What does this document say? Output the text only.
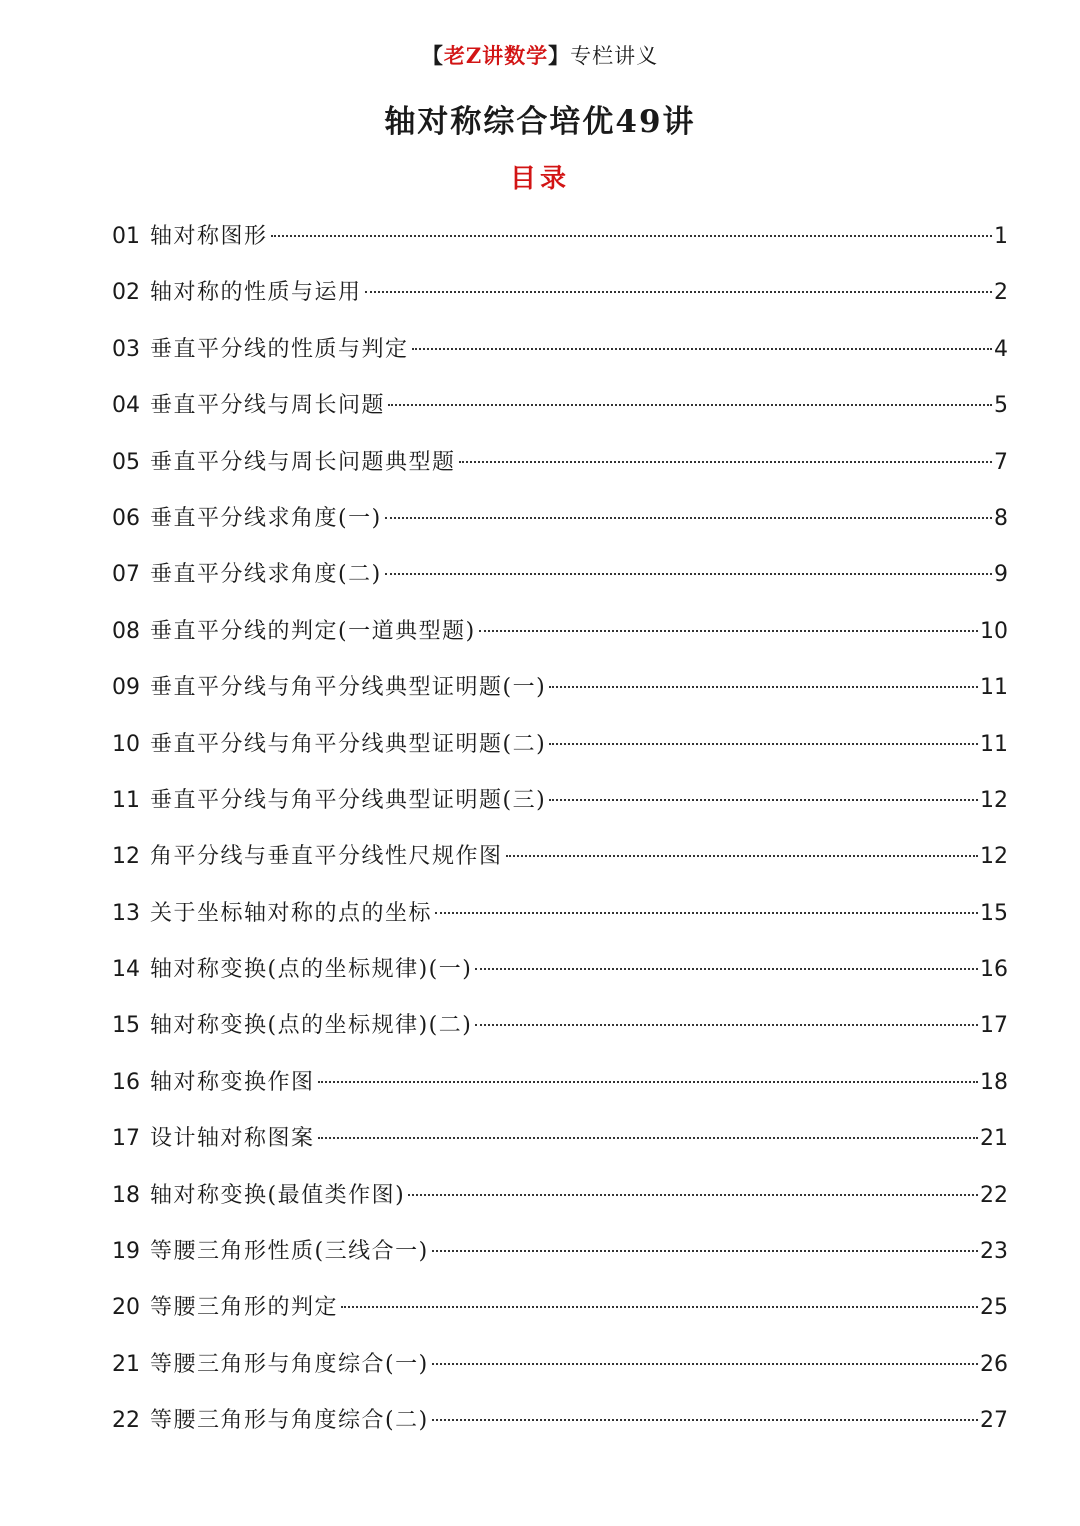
【老Z讲数学】专栏讲义
轴对称综合培优49讲
目录
01 轴对称图形	1
02 轴对称的性质与运用	2
03 垂直平分线的性质与判定	4
04 垂直平分线与周长问题	5
05 垂直平分线与周长问题典型题	7
06 垂直平分线求角度(一)	8
07 垂直平分线求角度(二)	9
08 垂直平分线的判定(一道典型题)	10
09 垂直平分线与角平分线典型证明题(一)	11
10 垂直平分线与角平分线典型证明题(二)	11
11 垂直平分线与角平分线典型证明题(三)	12
12 角平分线与垂直平分线性尺规作图	12
13 关于坐标轴对称的点的坐标	15
14 轴对称变换(点的坐标规律)(一)	16
15 轴对称变换(点的坐标规律)(二)	17
16 轴对称变换作图	18
17 设计轴对称图案	21
18 轴对称变换(最值类作图)	22
19 等腰三角形性质(三线合一)	23
20 等腰三角形的判定	25
21 等腰三角形与角度综合(一)	26
22 等腰三角形与角度综合(二)	27
